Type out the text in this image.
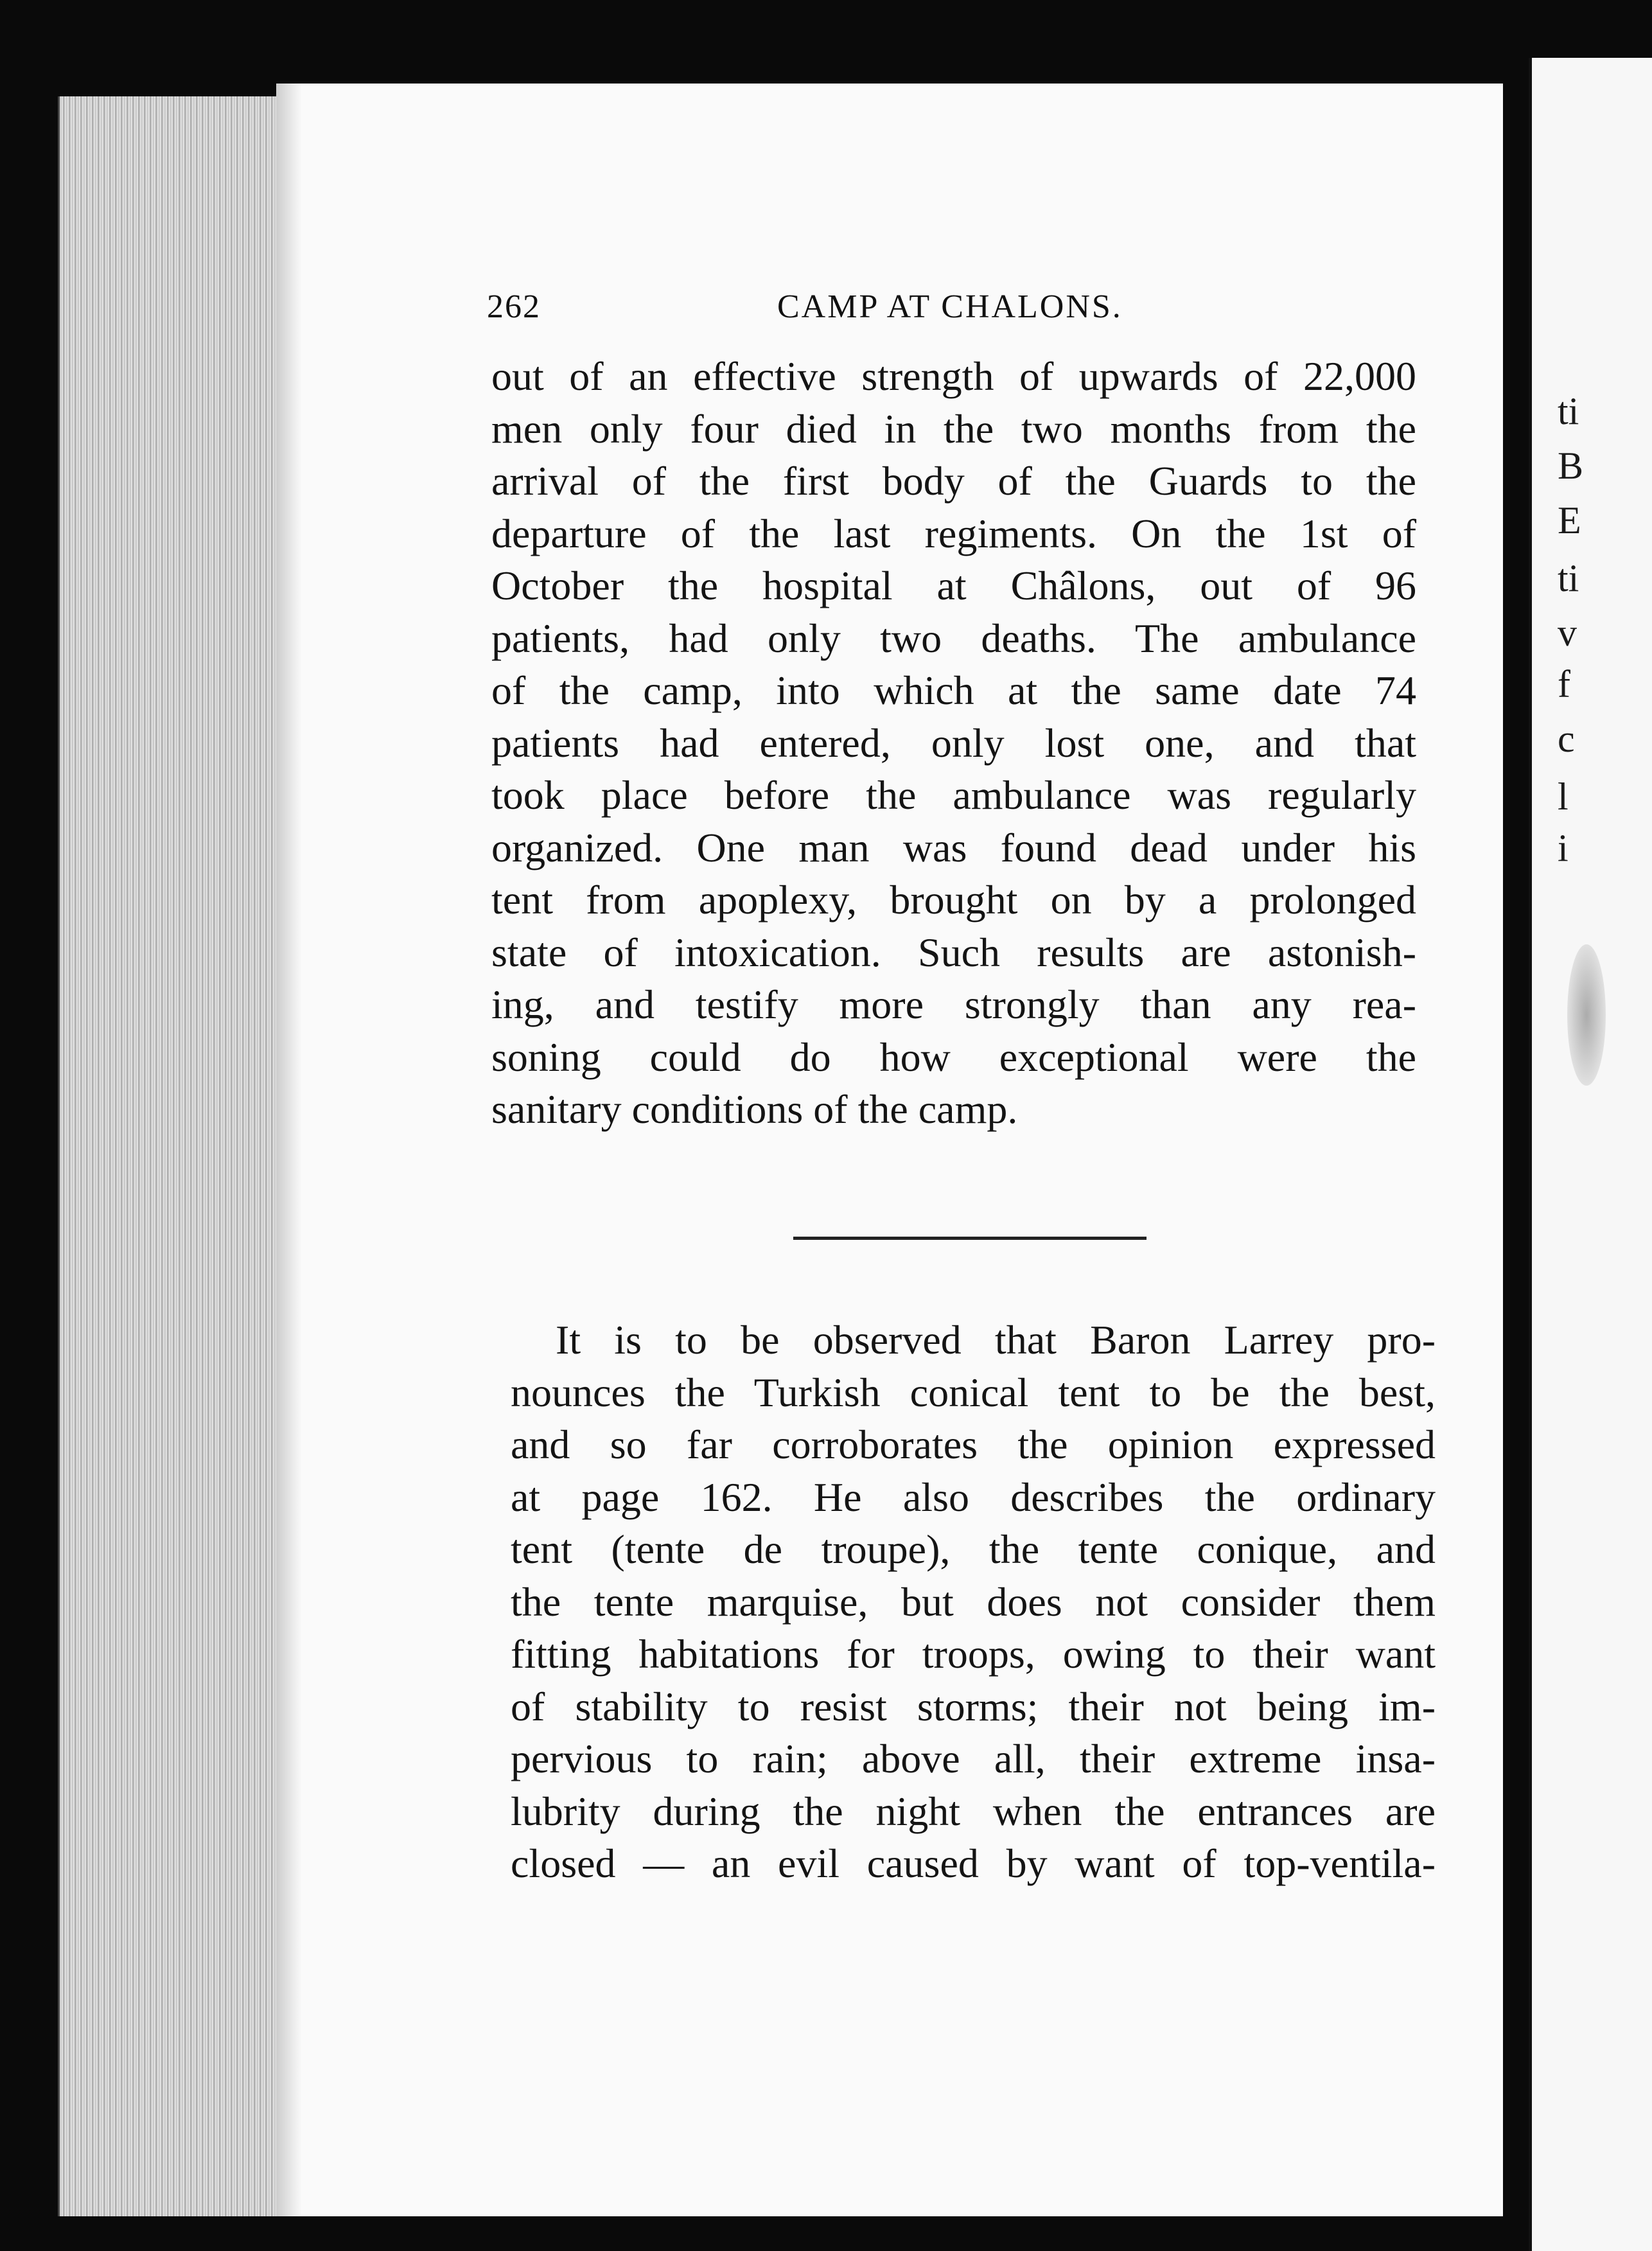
ti
B
E
ti
v
f
c
l
i
262	CAMP AT CHALONS.
out of an effective strength of upwards of 22,000
men only four died in the two months from the
arrival of the first body of the Guards to the
departure of the last regiments. On the 1st of
October the hospital at Châlons, out of 96
patients, had only two deaths. The ambulance
of the camp, into which at the same date 74
patients had entered, only lost one, and that
took place before the ambulance was regularly
organized. One man was found dead under his
tent from apoplexy, brought on by a prolonged
state of intoxication. Such results are astonish-
ing, and testify more strongly than any rea-
soning could do how exceptional were the
sanitary conditions of the camp.
It is to be observed that Baron Larrey pro-
nounces the Turkish conical tent to be the best,
and so far corroborates the opinion expressed
at page 162. He also describes the ordinary
tent (tente de troupe), the tente conique, and
the tente marquise, but does not consider them
fitting habitations for troops, owing to their want
of stability to resist storms; their not being im-
pervious to rain; above all, their extreme insa-
lubrity during the night when the entrances are
closed — an evil caused by want of top-ventila-
